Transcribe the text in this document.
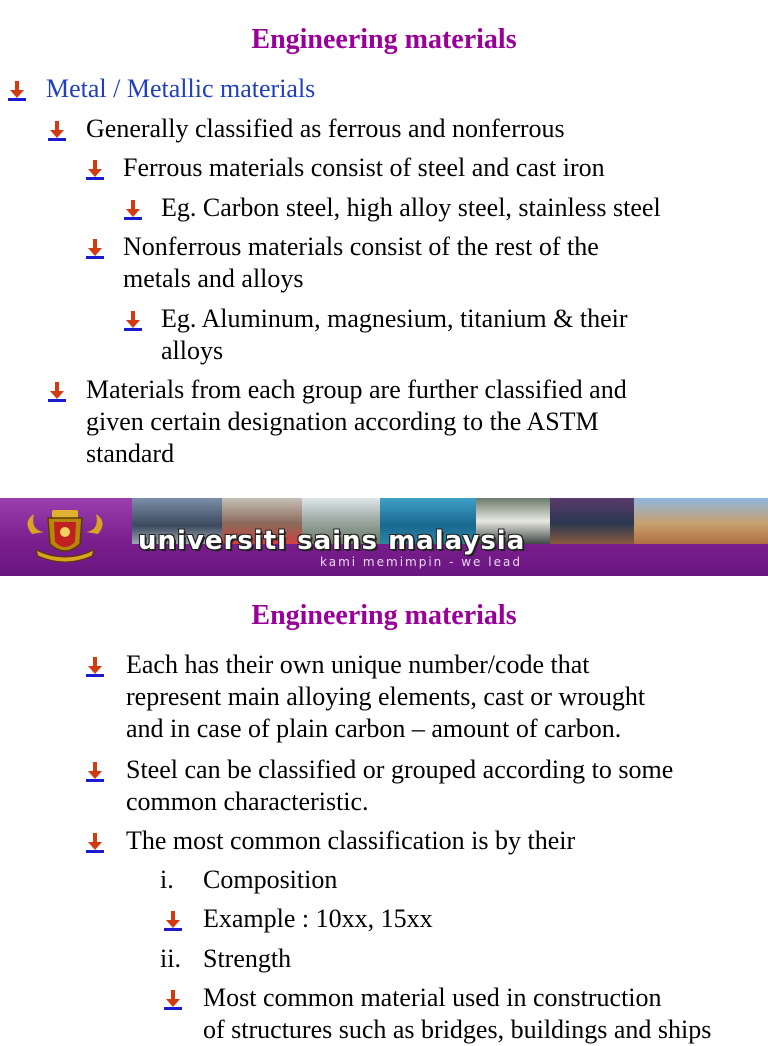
Engineering materials
Metal / Metallic materials
Generally classified as ferrous and nonferrous
Ferrous materials consist of steel and cast iron
Eg. Carbon steel, high alloy steel, stainless steel
Nonferrous materials consist of the rest of the
metals and alloys
Eg. Aluminum, magnesium, titanium & their
alloys
Materials from each group are further classified and
given certain designation according to the ASTM
standard
universiti sains malaysia
kami memimpin - we lead
Engineering materials
Each has their own unique number/code that
represent main alloying elements, cast or wrought
and in case of plain carbon – amount of carbon.
Steel can be classified or grouped according to some
common characteristic.
The most common classification is by their
i. Composition
Example : 10xx, 15xx
ii. Strength
Most common material used in construction
of structures such as bridges, buildings and ships
